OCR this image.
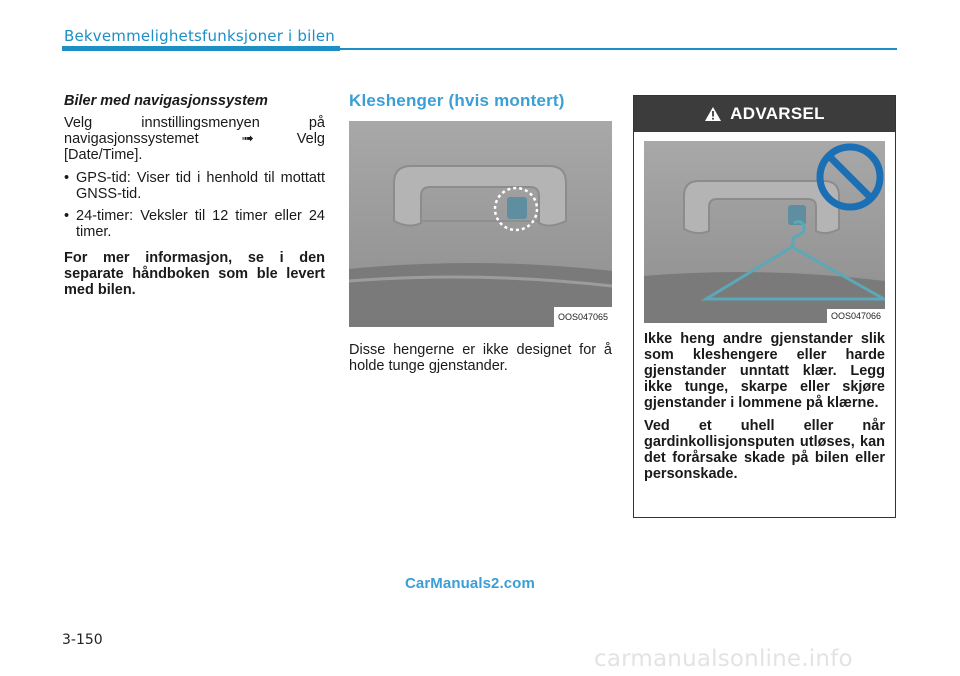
Bekvemmelighetsfunksjoner i bilen
Biler med navigasjonssystem
Velg innstillingsmenyen på navigasjonssystemet ➟ Velg [Date/Time].
• GPS-tid: Viser tid i henhold til mottatt GNSS-tid.
• 24-timer: Veksler til 12 timer eller 24 timer.
For mer informasjon, se i den separate håndboken som ble levert med bilen.
Kleshenger (hvis montert)
OOS047065
Disse hengerne er ikke designet for å holde tunge gjenstander.
ADVARSEL
OOS047066

Ikke heng andre gjenstander slik som kleshengere eller harde gjenstander unntatt klær. Legg ikke tunge, skarpe eller skjøre gjenstander i lommene på klærne.

Ved et uhell eller når gardinkollisjonsputen utløses, kan det forårsake skade på bilen eller personskade.

CarManuals2.com
3-150
carmanualsonline.info
